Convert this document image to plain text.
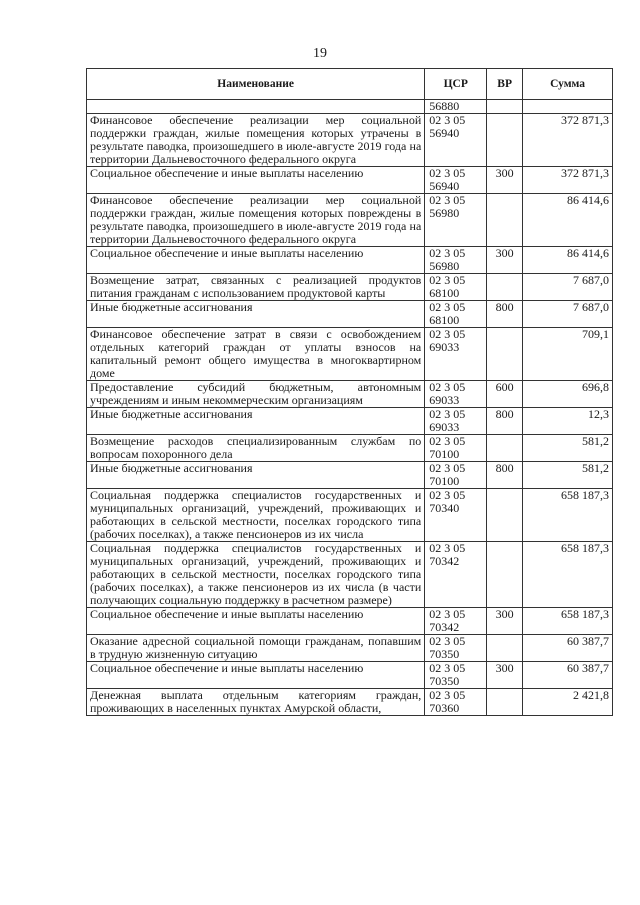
19
Наименование	ЦСР	ВР	Сумма

	56880		

Финансовое обеспечение реализации мер социальной поддержки граждан, жилые помещения которых утрачены в результате паводка, произошедшего в июле-августе 2019 года на территории Дальневосточного федерального округа	02 3 05
56940		372 871,3
Социальное обеспечение и иные выплаты населению	02 3 05
56940	300	372 871,3
Финансовое обеспечение реализации мер социальной поддержки граждан, жилые помещения которых повреждены в результате паводка, произошедшего в июле-августе 2019 года на территории Дальневосточного федерального округа	02 3 05
56980		86 414,6
Социальное обеспечение и иные выплаты населению	02 3 05
56980	300	86 414,6
Возмещение затрат, связанных с реализацией продуктов питания гражданам с использованием продуктовой карты	02 3 05
68100		7 687,0
Иные бюджетные ассигнования	02 3 05
68100	800	7 687,0
Финансовое обеспечение затрат в связи с освобождением отдельных категорий граждан от уплаты взносов на капитальный ремонт общего имущества в многоквартирном доме	02 3 05
69033		709,1
Предоставление субсидий бюджетным, автономным учреждениям и иным некоммерческим организациям	02 3 05
69033	600	696,8
Иные бюджетные ассигнования	02 3 05
69033	800	12,3
Возмещение расходов специализированным службам по вопросам похоронного дела	02 3 05
70100		581,2
Иные бюджетные ассигнования	02 3 05
70100	800	581,2
Социальная поддержка специалистов государственных и муниципальных организаций, учреждений, проживающих и работающих в сельской местности, поселках городского типа (рабочих поселках), а также пенсионеров из их числа	02 3 05
70340		658 187,3
Социальная поддержка специалистов государственных и муниципальных организаций, учреждений, проживающих и работающих в сельской местности, поселках городского типа (рабочих поселках), а также пенсионеров из их числа (в части получающих социальную поддержку в расчетном размере)	02 3 05
70342		658 187,3
Социальное обеспечение и иные выплаты населению	02 3 05
70342	300	658 187,3
Оказание адресной социальной помощи гражданам, попавшим в трудную жизненную ситуацию	02 3 05
70350		60 387,7
Социальное обеспечение и иные выплаты населению	02 3 05
70350	300	60 387,7
Денежная выплата отдельным категориям граждан, проживающих в населенных пунктах Амурской области,	02 3 05
70360		2 421,8
